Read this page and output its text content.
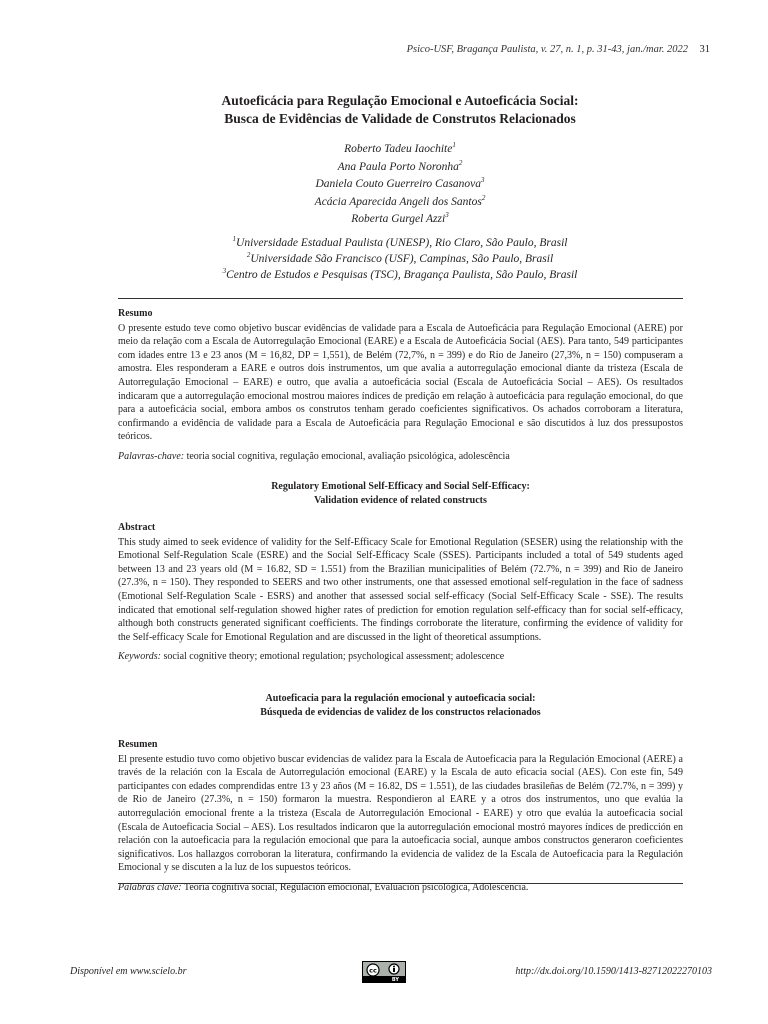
Psico-USF, Bragança Paulista, v. 27, n. 1, p. 31-43, jan./mar. 2022	31
Autoeficácia para Regulação Emocional e Autoeficácia Social:
Busca de Evidências de Validade de Construtos Relacionados
Roberto Tadeu Iaochite$^1$
Ana Paula Porto Noronha$^2$
Daniela Couto Guerreiro Casanova$^3$
Acácia Aparecida Angeli dos Santos$^2$
Roberta Gurgel Azzi$^3$
$^1$Universidade Estadual Paulista (UNESP), Rio Claro, São Paulo, Brasil
$^2$Universidade São Francisco (USF), Campinas, São Paulo, Brasil
$^3$Centro de Estudos e Pesquisas (TSC), Bragança Paulista, São Paulo, Brasil
Resumo
O presente estudo teve como objetivo buscar evidências de validade para a Escala de Autoeficácia para Regulação Emocional (AERE) por meio da relação com a Escala de Autorregulação Emocional (EARE) e a Escala de Autoeficácia Social (AES). Para tanto, 549 participantes com idades entre 13 e 23 anos (M = 16,82, DP = 1,551), de Belém (72,7%, n = 399) e do Rio de Janeiro (27,3%, n = 150) compuseram a amostra. Eles responderam a EARE e outros dois instrumentos, um que avalia a autorregulação emocional diante da tristeza (Escala de Autorregulação Emocional – EARE) e outro, que avalia a autoeficácia social (Escala de Autoeficácia Social – AES). Os resultados indicaram que a autorregulação emocional mostrou maiores índices de predição em relação à autoeficácia para regulação emocional, do que para a autoeficácia social, embora ambos os construtos tenham gerado coeficientes significativos. Os achados corroboram a literatura, confirmando a evidência de validade para a Escala de Autoeficácia para Regulação Emocional e são discutidos à luz dos pressupostos teóricos.
Palavras-chave: teoria social cognitiva, regulação emocional, avaliação psicológica, adolescência
Regulatory Emotional Self-Efficacy and Social Self-Efficacy:
Validation evidence of related constructs
Abstract
This study aimed to seek evidence of validity for the Self-Efficacy Scale for Emotional Regulation (SESER) using the relationship with the Emotional Self-Regulation Scale (ESRE) and the Social Self-Efficacy Scale (SSES). Participants included a total of 549 students aged between 13 and 23 years old (M = 16.82, SD = 1.551) from the Brazilian municipalities of Belém (72.7%, n = 399) and Rio de Janeiro (27.3%, n = 150). They responded to SEERS and two other instruments, one that assessed emotional self-regulation in the face of sadness (Emotional Self-Regulation Scale - ESRS) and another that assessed social self-efficacy (Social Self-Efficacy Scale - SSE). The results indicated that emotional self-regulation showed higher rates of prediction for emotion regulation self-efficacy than for social self-efficacy, although both constructs generated significant coefficients. The findings corroborate the literature, confirming the evidence of validity for the Self-efficacy Scale for Emotional Regulation and are discussed in the light of theoretical assumptions.
Keywords: social cognitive theory; emotional regulation; psychological assessment; adolescence
Autoeficacia para la regulación emocional y autoeficacia social:
Búsqueda de evidencias de validez de los constructos relacionados
Resumen
El presente estudio tuvo como objetivo buscar evidencias de validez para la Escala de Autoeficacia para la Regulación Emocional (AERE) a través de la relación con la Escala de Autorregulación emocional (EARE) y la Escala de auto eficacia social (AES). Con este fin, 549 participantes con edades comprendidas entre 13 y 23 años (M = 16.82, DS = 1.551), de las ciudades brasileñas de Belém (72.7%, n = 399) y de Rio de Janeiro (27.3%, n = 150) formaron la muestra. Respondieron al EARE y a otros dos instrumentos, uno que evalúa la autorregulación emocional frente a la tristeza (Escala de Autorregulación Emocional - EARE) y otro que evalúa la autoeficacia social (Escala de Autoeficacia Social – AES). Los resultados indicaron que la autorregulación emocional mostró mayores índices de predicción en relación con la autoeficacia para la regulación emocional que para la autoeficacia social, aunque ambos constructos generaron coeficientes significativos. Los hallazgos corroboran la literatura, confirmando la evidencia de validez de la Escala de Autoeficacia para la Regulación Emocional y se discuten a la luz de los supuestos teóricos.
Palabras clave: Teoría cognitiva social, Regulación emocional, Evaluación psicológica, Adolescencia.
Disponível em www.scielo.br	cc
BY
http://dx.doi.org/10.1590/1413-82712022270103
